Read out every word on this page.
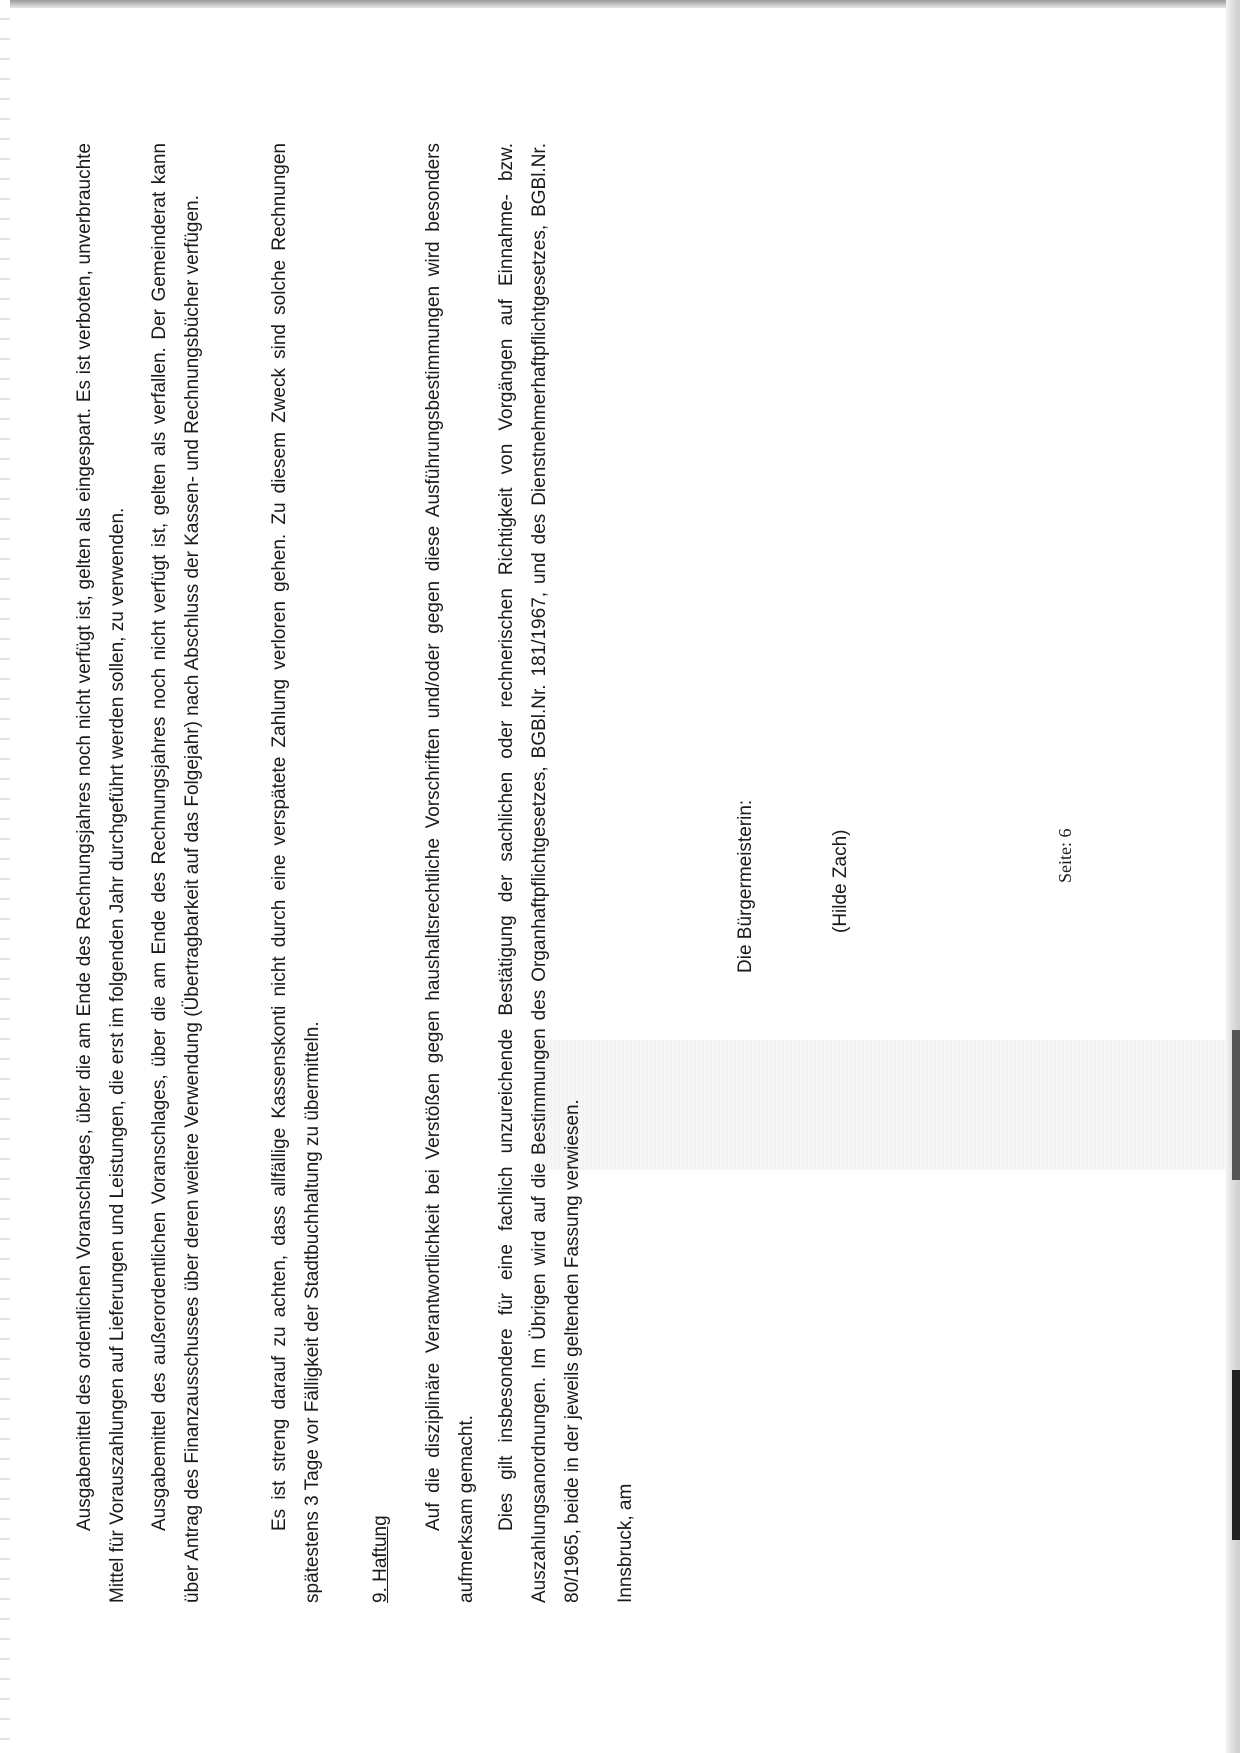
Ausgabemittel des ordentlichen Voranschlages, über die am Ende des Rechnungsjahres noch nicht verfügt ist, gelten als eingespart. Es ist verboten, unverbrauchte Mittel für Vorauszahlungen auf Lieferungen und Leistungen, die erst im folgenden Jahr durchgeführt werden sollen, zu verwenden.	Ausgabemittel des außerordentlichen Voranschlages, über die am Ende des Rechnungsjahres noch nicht verfügt ist, gelten als verfallen. Der Gemeinderat kann über Antrag des Finanzausschusses über deren weitere Verwendung (Übertragbarkeit auf das Folgejahr) nach Abschluss der Kassen- und Rechnungsbücher verfügen.	Es ist streng darauf zu achten, dass allfällige Kassenskonti nicht durch eine verspätete Zahlung verloren gehen. Zu diesem Zweck sind solche Rechnungen spätestens 3 Tage vor Fälligkeit der Stadtbuchhaltung zu übermitteln.	9. Haftung

Auf die disziplinäre Verantwortlichkeit bei Verstößen gegen haushaltsrechtliche Vorschriften und/oder gegen diese Ausführungsbestimmungen wird besonders aufmerksam gemacht.	Dies gilt insbesondere für eine fachlich unzureichende Bestätigung der sachlichen oder rechnerischen Richtigkeit von Vorgängen auf Einnahme- bzw. Auszahlungsanordnungen. Im Übrigen wird auf die Bestimmungen des Organhaftpflichtgesetzes, BGBl.Nr. 181/1967, und des Dienstnehmerhaftpflichtgesetzes, BGBl.Nr. 80/1965, beide in der jeweils geltenden Fassung verwiesen.	Innsbruck, am
Die Bürgermeisterin:	(Hilde Zach)	Seite: 6
